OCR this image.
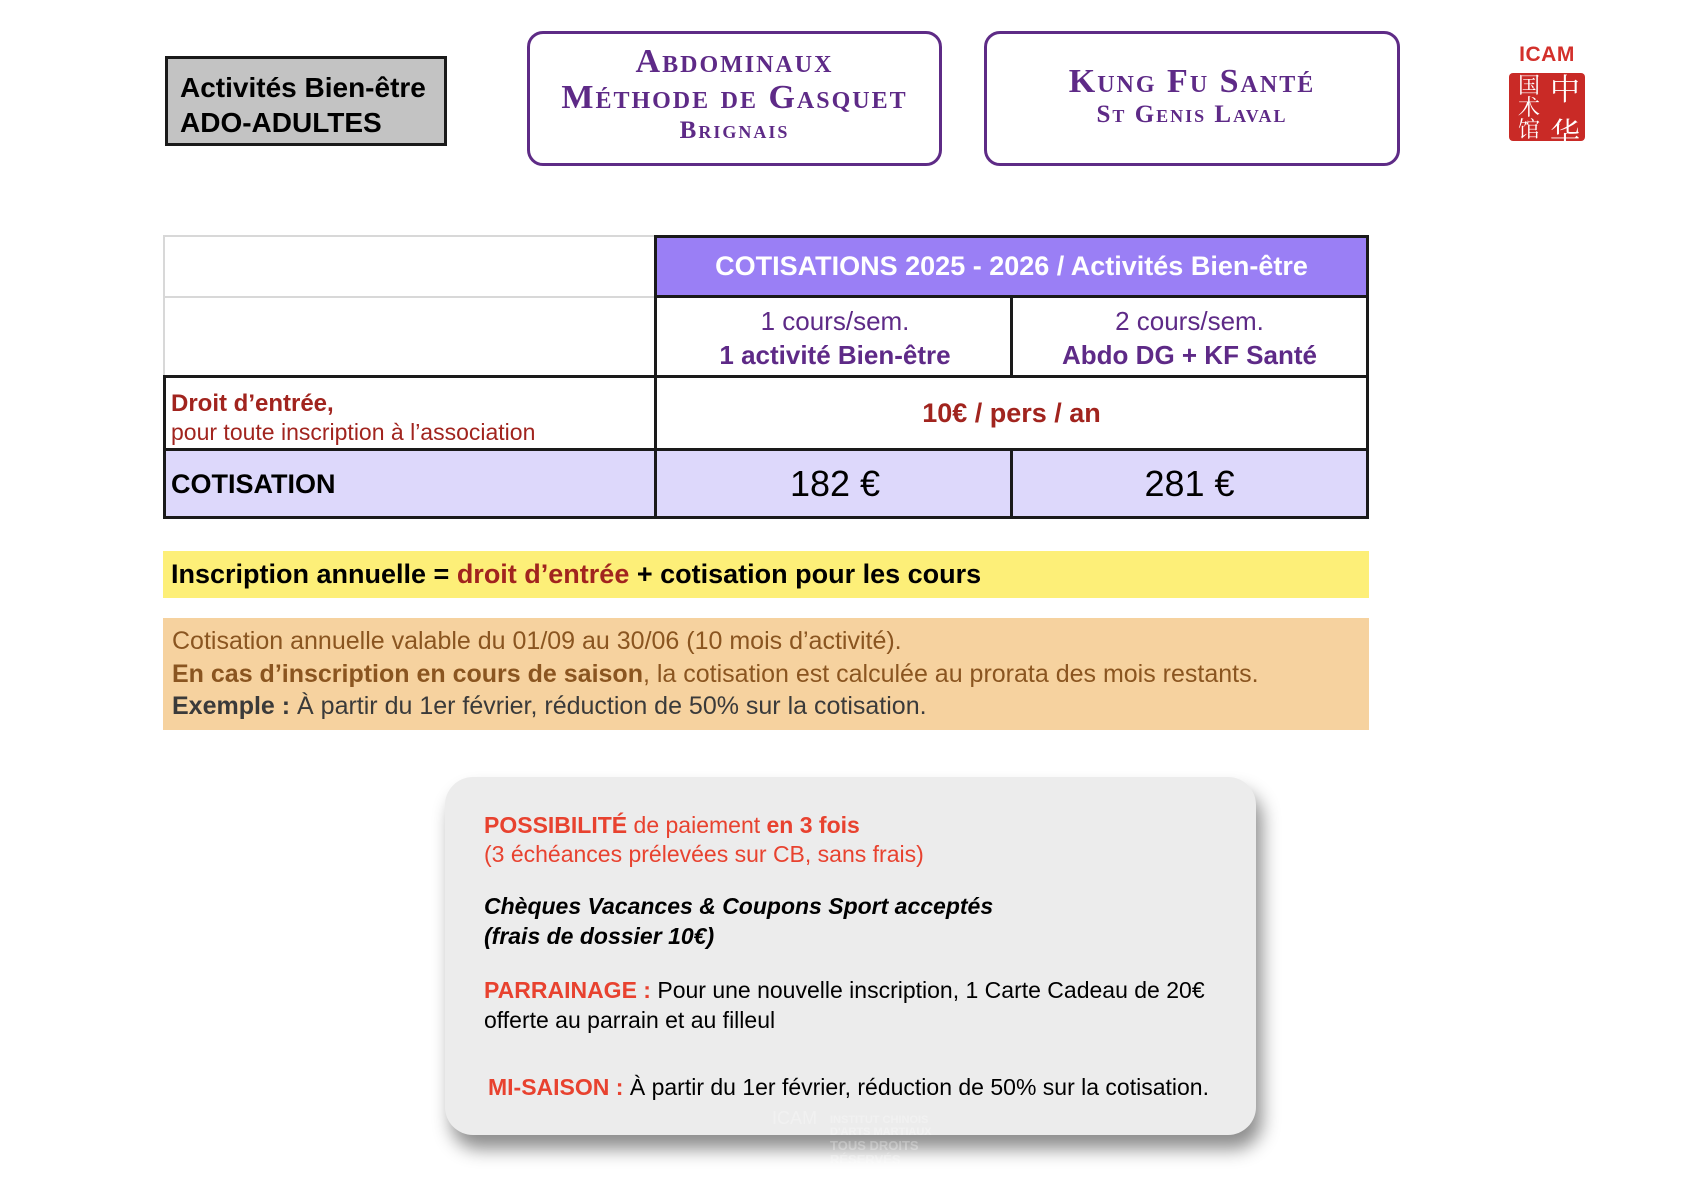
Activités Bien-être
ADO-ADULTES
Abdominaux
Méthode de Gasquet
Brignais
Kung Fu Santé
St Genis Laval
ICAM
国 中
术
馆 华
COTISATIONS 2025 - 2026 / Activités Bien-être
1 cours/sem.
1 activité Bien-être
2 cours/sem.
Abdo DG + KF Santé
Droit d’entrée,
pour toute inscription à l’association
10€ / pers / an
COTISATION	182 €	281 €
Inscription annuelle = droit d’entrée + cotisation pour les cours
Cotisation annuelle valable du 01/09 au 30/06 (10 mois d’activité).
En cas d’inscription en cours de saison, la cotisation est calculée au prorata des mois restants.
Exemple : À partir du 1er février, réduction de 50% sur la cotisation.
POSSIBILITÉ de paiement en 3 fois
(3 échéances prélevées sur CB, sans frais)
Chèques Vacances & Coupons Sport acceptés
(frais de dossier 10€)
PARRAINAGE : Pour une nouvelle inscription, 1 Carte Cadeau de 20€
offerte au parrain et au filleul
MI-SAISON : À partir du 1er février, réduction de 50% sur la cotisation.
ICAM INSTITUT CHINOIS
D'ARTS MARTIAUX
TOUS DROITS
RÉSERVÉS
